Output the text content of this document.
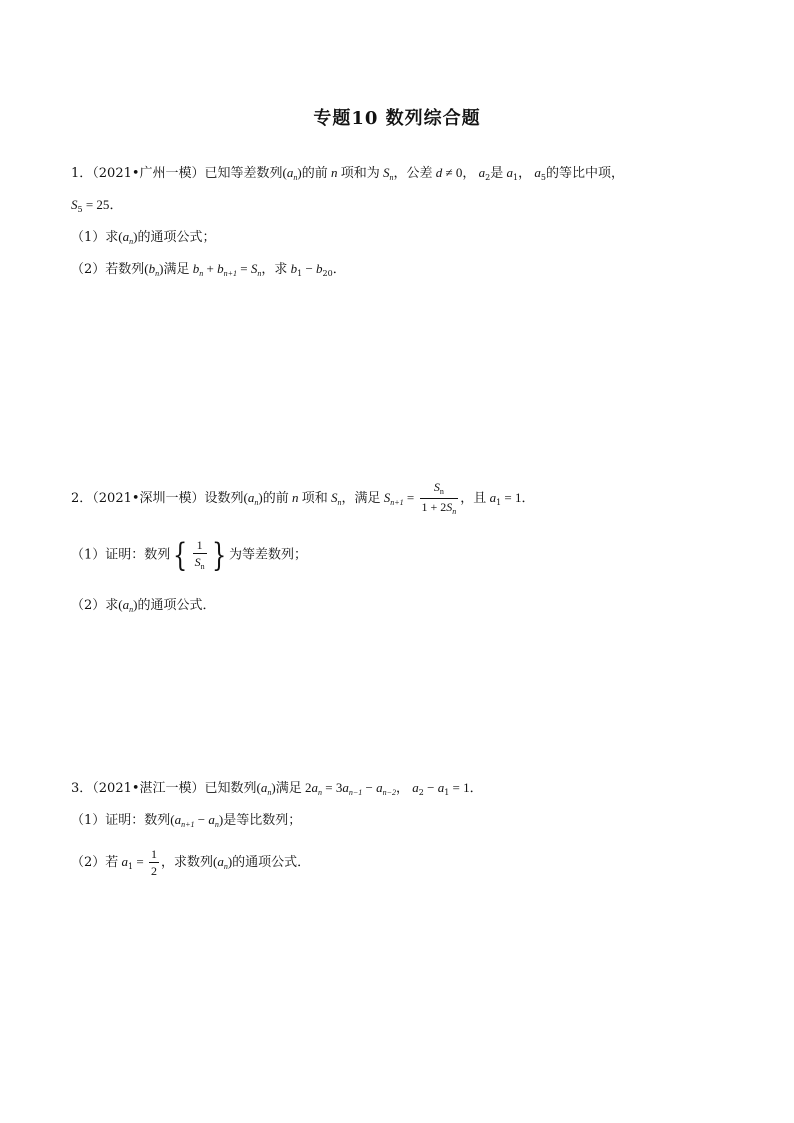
专题10 数列综合题
1．（2021•广州一模）已知等差数列$(a_n)$的前 n 项和为 $S_n$，公差 d ≠ 0， $a_2$是 $a_1$， $a_5$的等比中项，
$S_5 = 25$．
（1）求$(a_n)$的通项公式；
（2）若数列$(b_n)$满足 $b_n + b_{n+1} = S_n$，求 $b_1 - b_{20}$．
2．（2021•深圳一模）设数列$(a_n)$的前 n 项和 $S_n$，满足 $S_{n+1} = \frac{S_n}{1 + 2S_n}$ ，且 $a_1 = 1$．
（1）证明：数列{ $\frac{1}{S_n}$ } 为等差数列；
（2）求$(a_n)$的通项公式．
3．（2021•湛江一模）已知数列$(a_n)$满足 $2a_n = 3a_{n-1} - a_{n-2}$， $a_2 - a_1 = 1$．
（1）证明：数列$(a_{n+1} - a_n)$是等比数列；
（2）若 $a_1 = \frac{1}{2}$ ，求数列$(a_n)$的通项公式．
